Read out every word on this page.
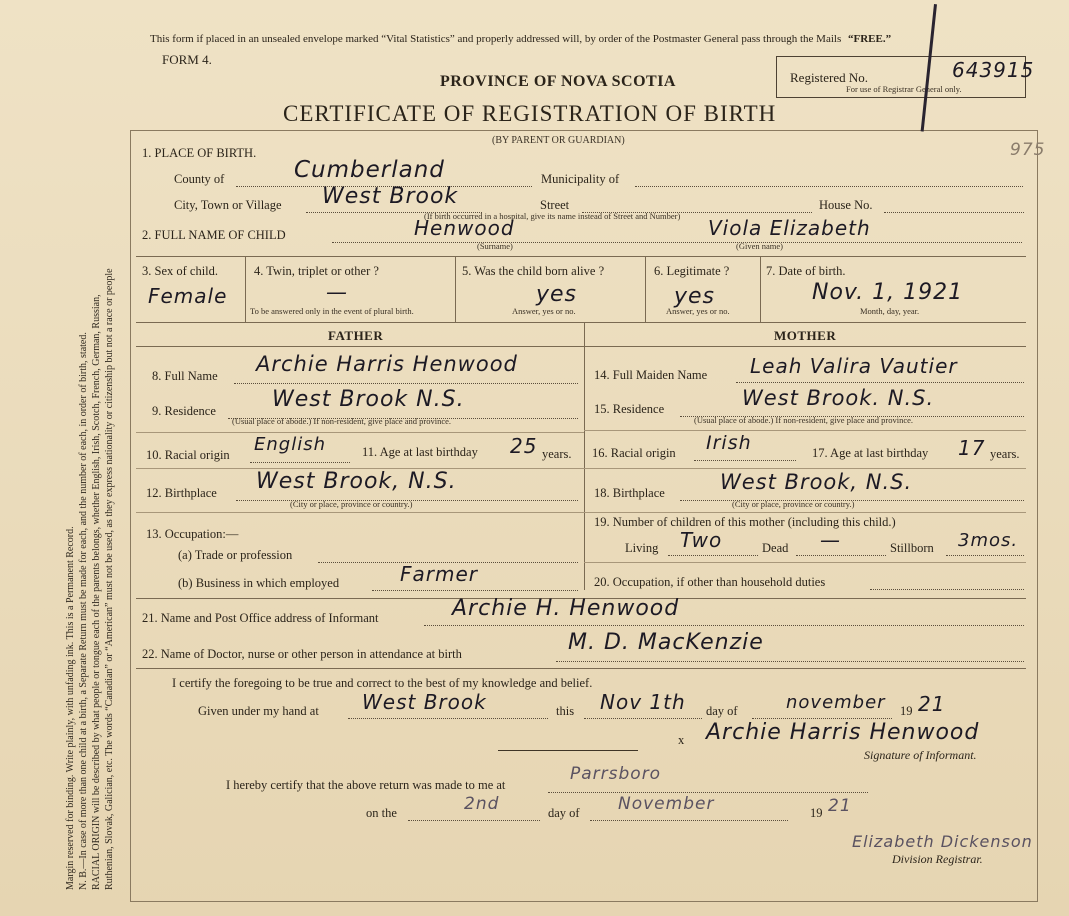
Margin reserved for binding. Write plainly, with unfading ink. This is a Permanent Record. N. B.—In case of more than one child at a birth, a Separate Return must be made for each, and the number of each, in order of birth, stated. RACIAL ORIGIN will be described by what people or tongue each of the parents belongs, whether English, Irish, Scotch, French, German, Russian, Ruthenian, Slovak, Galician, etc. The words “Canadian” or “American” must not be used, as they express nationality or citizenship but not a race or people
This form if placed in an unsealed envelope marked “Vital Statistics” and properly addressed will, by order of the Postmaster General pass through the Mails “FREE.”
FORM 4.
PROVINCE OF NOVA SCOTIA
CERTIFICATE OF REGISTRATION OF BIRTH
(BY PARENT OR GUARDIAN)
Registered No.	643915
For use of Registrar General only.
975
1. PLACE OF BIRTH.
County of	Cumberland	Municipality of
City, Town or Village West Brook	Street	House No.
(If birth occurred in a hospital, give its name instead of Street and Number)
2. FULL NAME OF CHILD	Henwood
(Surname)
Viola Elizabeth
(Given name)
3. Sex of child.
Female
4. Twin, triplet or other ?
—
To be answered only in the event of plural birth.
5. Was the child born alive ?
yes
Answer, yes or no.
6. Legitimate ?
yes
Answer, yes or no.
7. Date of birth.
Nov. 1, 1921
Month, day, year.
FATHER	MOTHER
8. Full Name Archie Harris Henwood
9. Residence	West Brook N.S.
(Usual place of abode.) If non-resident, give place and province.
10. Racial origin English	11. Age at last birthday 25 years.
12. Birthplace West Brook, N.S.
(City or place, province or country.)
13. Occupation:—
(a) Trade or profession
(b) Business in which employed	Farmer
14. Full Maiden Name Leah Valira Vautier
15. Residence	West Brook. N.S.
(Usual place of abode.) If non-resident, give place and province.
16. Racial origin Irish	17. Age at last birthday 17 years.
18. Birthplace	West Brook, N.S.
(City or place, province or country.)
19. Number of children of this mother (including this child.)
Living Two	Dead —	Stillborn 3mos.
20. Occupation, if other than household duties
21. Name and Post Office address of Informant	Archie H. Henwood
22. Name of Doctor, nurse or other person in attendance at birth	M. D. MacKenzie
I certify the foregoing to be true and correct to the best of my knowledge and belief.
Given under my hand at West Brook	this Nov 1th day of	november 19 21
x Archie Harris Henwood
Signature of Informant.
I hereby certify that the above return was made to me at
Parrsboro
on the	2nd	day of November	19 21
Elizabeth Dickenson
Division Registrar.
